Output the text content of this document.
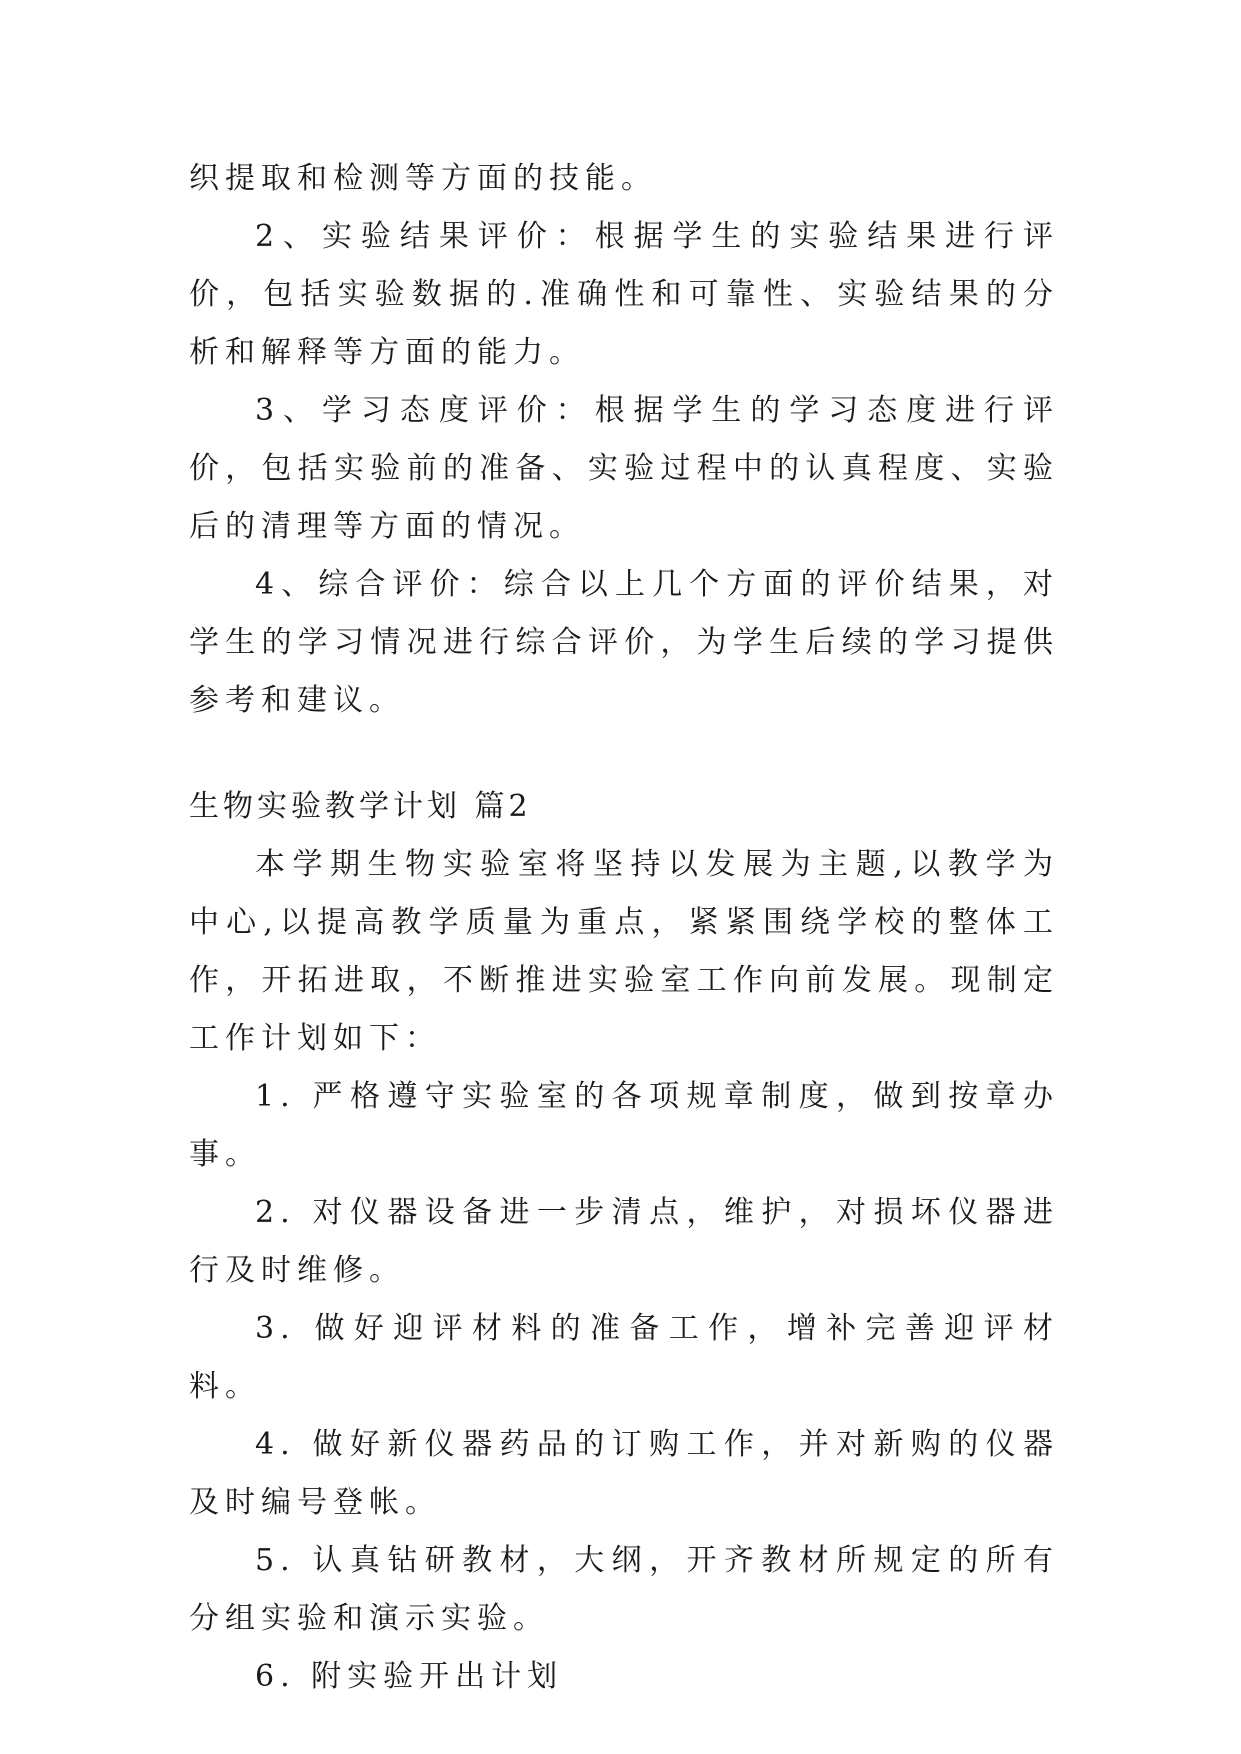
织提取和检测等方面的技能。

2、实验结果评价：根据学生的实验结果进行评价，包括实验数据的.准确性和可靠性、实验结果的分析和解释等方面的能力。

3、学习态度评价：根据学生的学习态度进行评价，包括实验前的准备、实验过程中的认真程度、实验后的清理等方面的情况。

4、综合评价：综合以上几个方面的评价结果，对学生的学习情况进行综合评价，为学生后续的学习提供参考和建议。

生物实验教学计划 篇2

本学期生物实验室将坚持以发展为主题,以教学为中心,以提高教学质量为重点，紧紧围绕学校的整体工作，开拓进取，不断推进实验室工作向前发展。现制定工作计划如下：

1. 严格遵守实验室的各项规章制度，做到按章办事。

2. 对仪器设备进一步清点，维护，对损坏仪器进行及时维修。

3. 做好迎评材料的准备工作，增补完善迎评材料。

4. 做好新仪器药品的订购工作，并对新购的仪器及时编号登帐。

5. 认真钻研教材，大纲，开齐教材所规定的所有分组实验和演示实验。

6. 附实验开出计划
